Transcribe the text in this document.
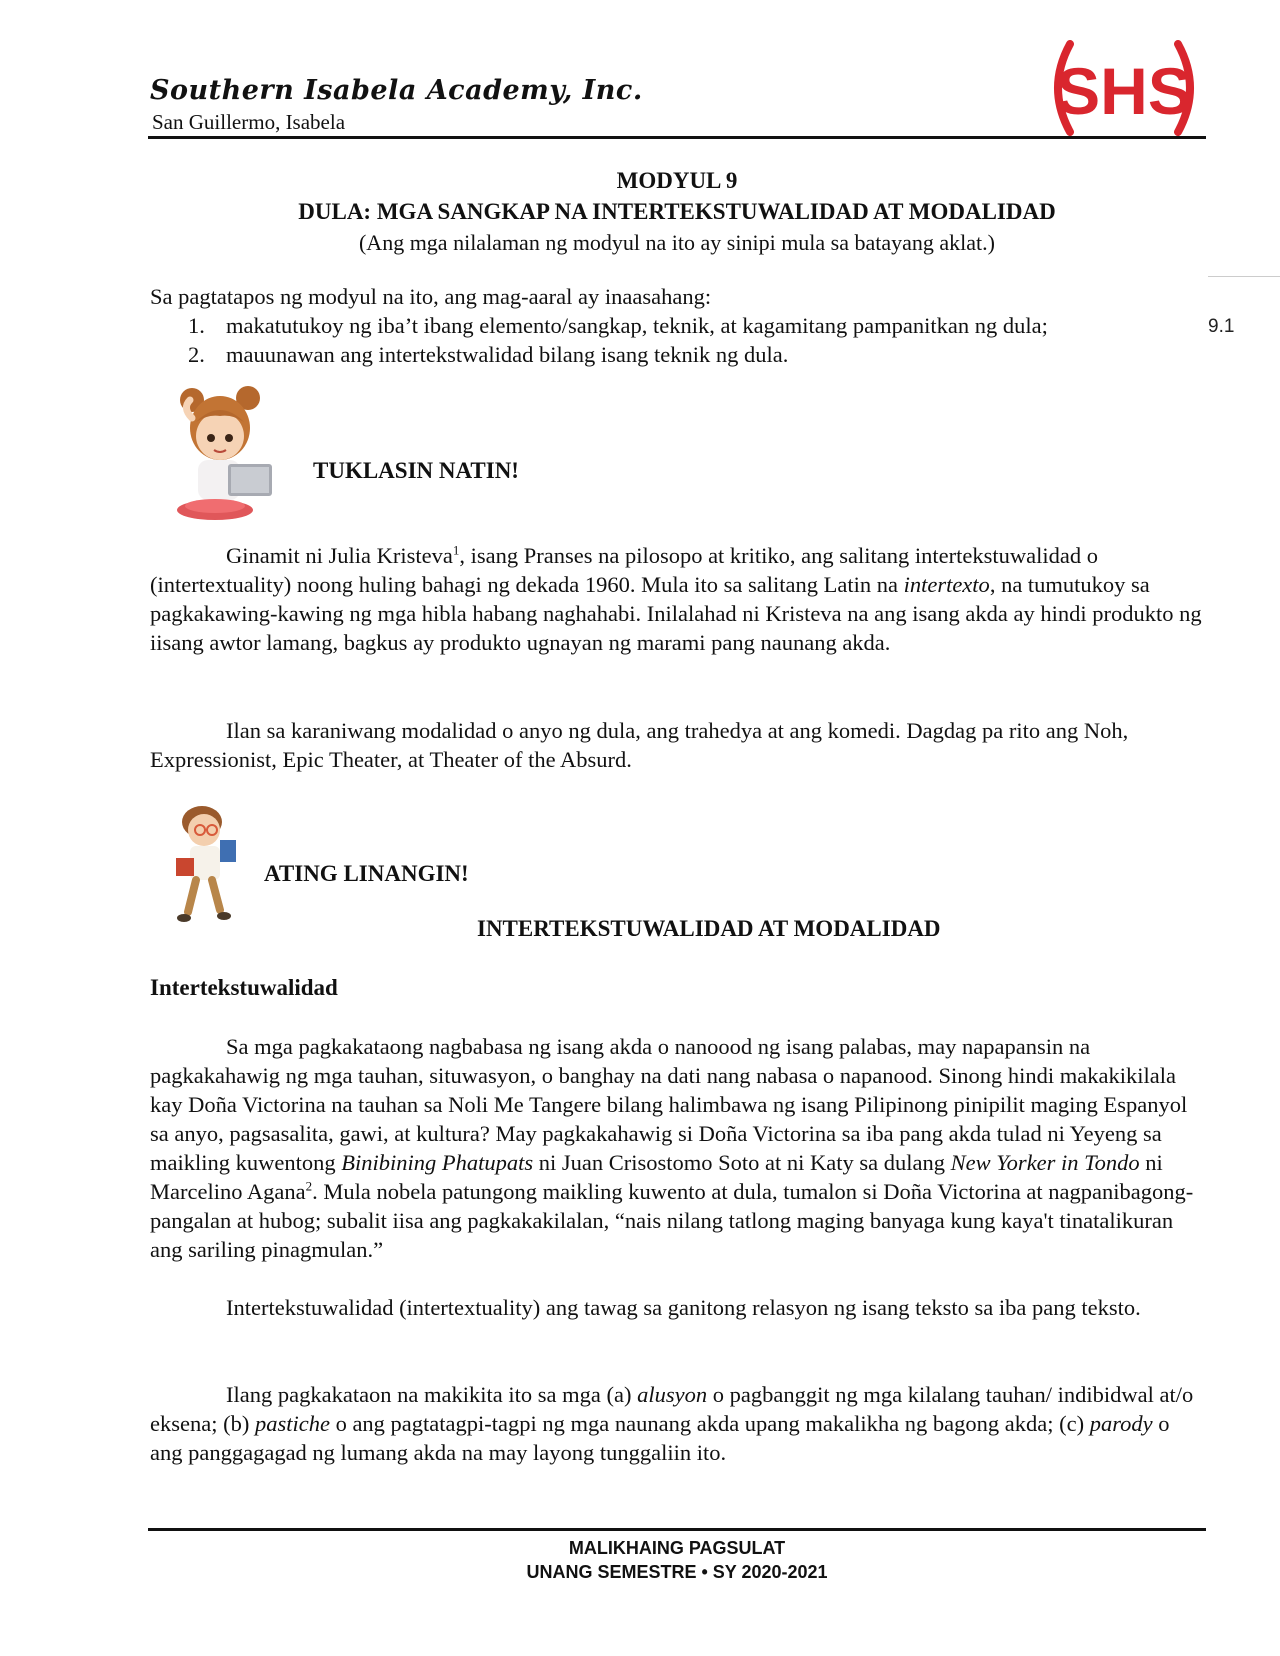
Southern Isabela Academy, Inc.
San Guillermo, Isabela	SHS
9.1
MODYUL 9
DULA: MGA SANGKAP NA INTERTEKSTUWALIDAD AT MODALIDAD
(Ang mga nilalaman ng modyul na ito ay sinipi mula sa batayang aklat.)
Sa pagtatapos ng modyul na ito, ang mag-aaral ay inaasahang:
1. makatutukoy ng iba’t ibang elemento/sangkap, teknik, at kagamitang pampanitkan ng dula;
2. mauunawan ang intertekstwalidad bilang isang teknik ng dula.
TUKLASIN NATIN!
Ginamit ni Julia Kristeva$^1$, isang Pranses na pilosopo at kritiko, ang salitang intertekstuwalidad o (intertextuality) noong huling bahagi ng dekada 1960. Mula ito sa salitang Latin na intertexto, na tumutukoy sa pagkakawing-kawing ng mga hibla habang naghahabi. Inilalahad ni Kristeva na ang isang akda ay hindi produkto ng iisang awtor lamang, bagkus ay produkto ugnayan ng marami pang naunang akda.
Ilan sa karaniwang modalidad o anyo ng dula, ang trahedya at ang komedi. Dagdag pa rito ang Noh, Expressionist, Epic Theater, at Theater of the Absurd.
ATING LINANGIN!
INTERTEKSTUWALIDAD AT MODALIDAD
Intertekstuwalidad
Sa mga pagkakataong nagbabasa ng isang akda o nanoood ng isang palabas, may napapansin na pagkakahawig ng mga tauhan, situwasyon, o banghay na dati nang nabasa o napanood. Sinong hindi makakikilala kay Doña Victorina na tauhan sa Noli Me Tangere bilang halimbawa ng isang Pilipinong pinipilit maging Espanyol sa anyo, pagsasalita, gawi, at kultura? May pagkakahawig si Doña Victorina sa iba pang akda tulad ni Yeyeng sa maikling kuwentong Binibining Phatupats ni Juan Crisostomo Soto at ni Katy sa dulang New Yorker in Tondo ni Marcelino Agana$^2$. Mula nobela patungong maikling kuwento at dula, tumalon si Doña Victorina at nagpanibagong-pangalan at hubog; subalit iisa ang pagkakakilalan, “nais nilang tatlong maging banyaga kung kaya't tinatalikuran ang sariling pinagmulan.”
Intertekstuwalidad (intertextuality) ang tawag sa ganitong relasyon ng isang teksto sa iba pang teksto.
Ilang pagkakataon na makikita ito sa mga (a) alusyon o pagbanggit ng mga kilalang tauhan/ indibidwal at/o eksena; (b) pastiche o ang pagtatagpi-tagpi ng mga naunang akda upang makalikha ng bagong akda; (c) parody o ang panggagagad ng lumang akda na may layong tunggaliin ito.
MALIKHAING PAGSULAT
UNANG SEMESTRE • SY 2020-2021
